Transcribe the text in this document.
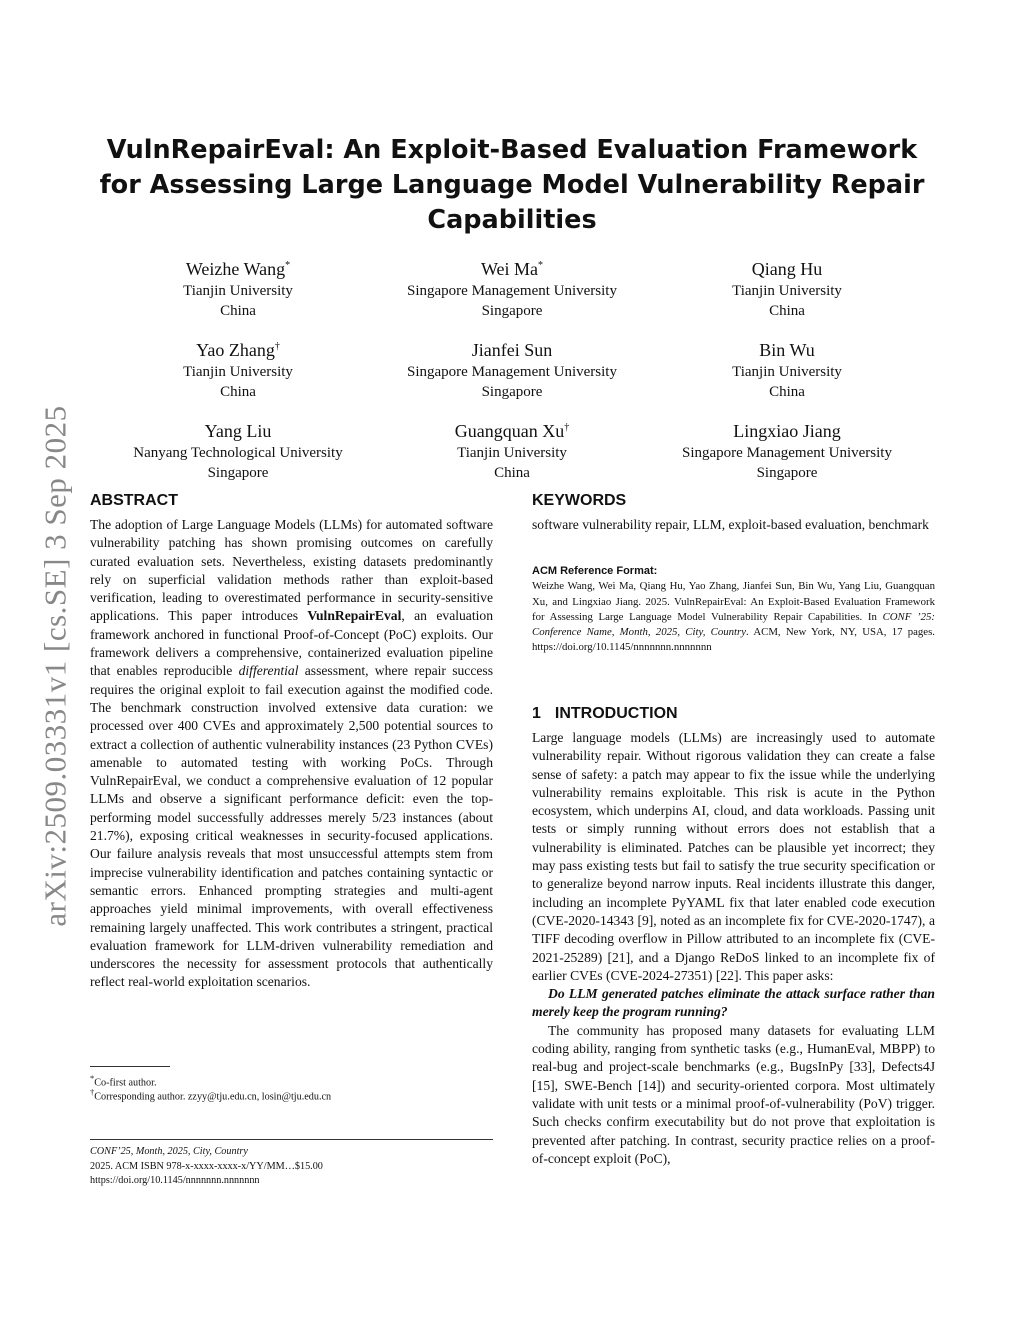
arXiv:2509.03331v1 [cs.SE] 3 Sep 2025
VulnRepairEval: An Exploit-Based Evaluation Framework for Assessing Large Language Model Vulnerability Repair Capabilities
Weizhe Wang*
Tianjin University
China
Wei Ma*
Singapore Management University
Singapore
Qiang Hu
Tianjin University
China
Yao Zhang†
Tianjin University
China
Jianfei Sun
Singapore Management University
Singapore
Bin Wu
Tianjin University
China
Yang Liu
Nanyang Technological University
Singapore
Guangquan Xu†
Tianjin University
China
Lingxiao Jiang
Singapore Management University
Singapore
ABSTRACT

The adoption of Large Language Models (LLMs) for automated software vulnerability patching has shown promising outcomes on carefully curated evaluation sets. Nevertheless, existing datasets predominantly rely on superficial validation methods rather than exploit-based verification, leading to overestimated performance in security-sensitive applications. This paper introduces VulnRepairEval, an evaluation framework anchored in functional Proof-of-Concept (PoC) exploits. Our framework delivers a comprehensive, containerized evaluation pipeline that enables reproducible differential assessment, where repair success requires the original exploit to fail execution against the modified code. The benchmark construction involved extensive data curation: we processed over 400 CVEs and approximately 2,500 potential sources to extract a collection of authentic vulnerability instances (23 Python CVEs) amenable to automated testing with working PoCs. Through VulnRepairEval, we conduct a comprehensive evaluation of 12 popular LLMs and observe a significant performance deficit: even the top-performing model successfully addresses merely 5/23 instances (about 21.7%), exposing critical weaknesses in security-focused applications. Our failure analysis reveals that most unsuccessful attempts stem from imprecise vulnerability identification and patches containing syntactic or semantic errors. Enhanced prompting strategies and multi-agent approaches yield minimal improvements, with overall effectiveness remaining largely unaffected. This work contributes a stringent, practical evaluation framework for LLM-driven vulnerability remediation and underscores the necessity for assessment protocols that authentically reflect real-world exploitation scenarios.

*Co-first author.
†Corresponding author. zzyy@tju.edu.cn, losin@tju.edu.cn
CONF’25, Month, 2025, City, Country
2025. ACM ISBN 978-x-xxxx-xxxx-x/YY/MM…$15.00
https://doi.org/10.1145/nnnnnnn.nnnnnnn
KEYWORDS

software vulnerability repair, LLM, exploit-based evaluation, benchmark

ACM Reference Format:

Weizhe Wang, Wei Ma, Qiang Hu, Yao Zhang, Jianfei Sun, Bin Wu, Yang Liu, Guangquan Xu, and Lingxiao Jiang. 2025. VulnRepairEval: An Exploit-Based Evaluation Framework for Assessing Large Language Model Vulnerability Repair Capabilities. In CONF ’25: Conference Name, Month, 2025, City, Country. ACM, New York, NY, USA, 17 pages. https://doi.org/10.1145/nnnnnnn.nnnnnnn

1 INTRODUCTION

Large language models (LLMs) are increasingly used to automate vulnerability repair. Without rigorous validation they can create a false sense of safety: a patch may appear to fix the issue while the underlying vulnerability remains exploitable. This risk is acute in the Python ecosystem, which underpins AI, cloud, and data workloads. Passing unit tests or simply running without errors does not establish that a vulnerability is eliminated. Patches can be plausible yet incorrect; they may pass existing tests but fail to satisfy the true security specification or to generalize beyond narrow inputs. Real incidents illustrate this danger, including an incomplete PyYAML fix that later enabled code execution (CVE-2020-14343 [9], noted as an incomplete fix for CVE-2020-1747), a TIFF decoding overflow in Pillow attributed to an incomplete fix (CVE-2021-25289) [21], and a Django ReDoS linked to an incomplete fix of earlier CVEs (CVE-2024-27351) [22]. This paper asks:

Do LLM generated patches eliminate the attack surface rather than merely keep the program running?

The community has proposed many datasets for evaluating LLM coding ability, ranging from synthetic tasks (e.g., HumanEval, MBPP) to real-bug and project-scale benchmarks (e.g., BugsInPy [33], Defects4J [15], SWE-Bench [14]) and security-oriented corpora. Most ultimately validate with unit tests or a minimal proof-of-vulnerability (PoV) trigger. Such checks confirm executability but do not prove that exploitation is prevented after patching. In contrast, security practice relies on a proof-of-concept exploit (PoC),
